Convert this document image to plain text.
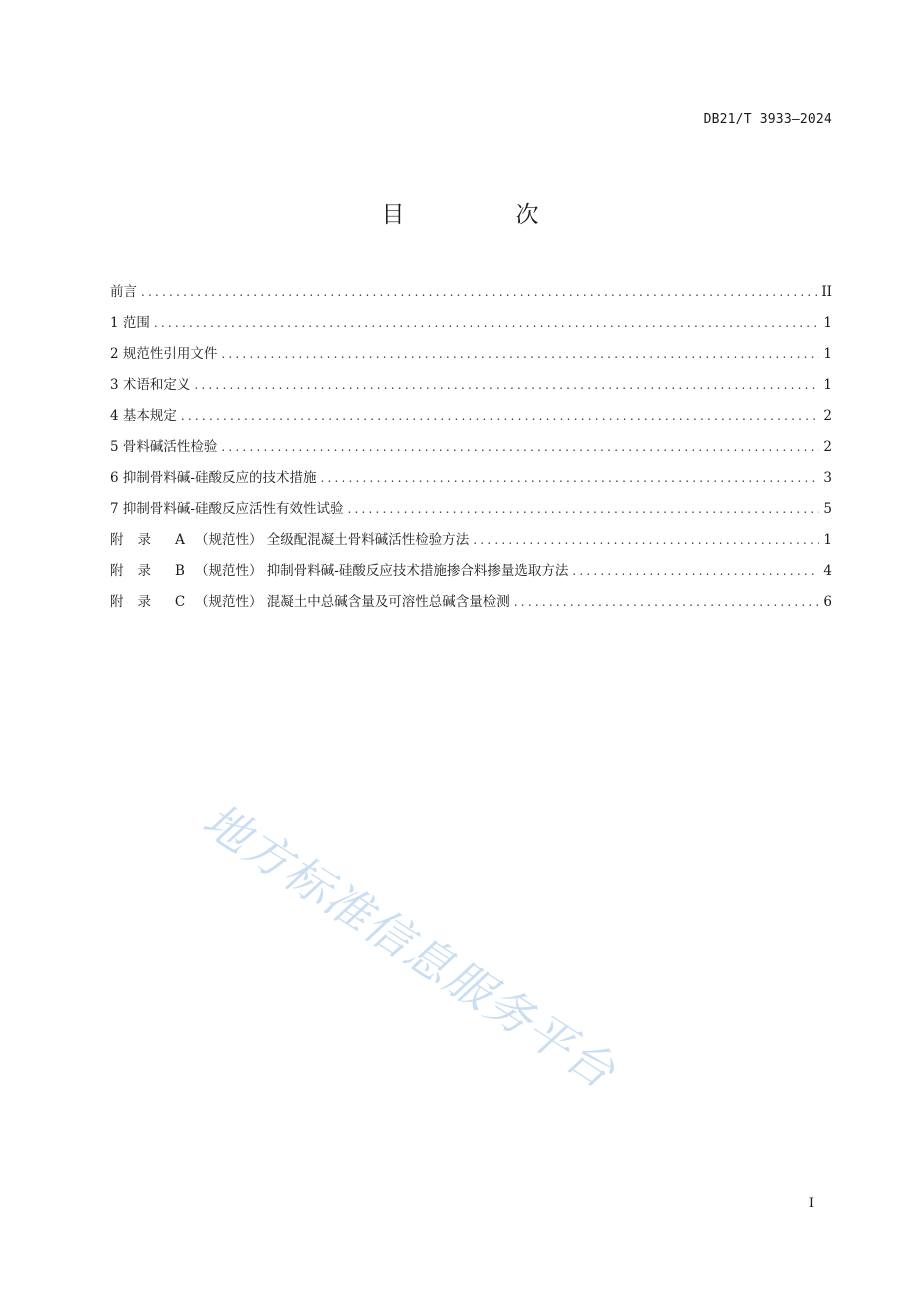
DB21/T 3933—2024
目　次
前言 .....	II
1 范围 .....	1
2 规范性引用文件 .....	1
3 术语和定义 .....	1
4 基本规定 .....	2
5 骨料碱活性检验 .....	2
6 抑制骨料碱-硅酸反应的技术措施 .....	3
7 抑制骨料碱-硅酸反应活性有效性试验 .....	5
附录 A （规范性） 全级配混凝土骨料碱活性检验方法 .....	1
附录 B （规范性） 抑制骨料碱-硅酸反应技术措施掺合料掺量选取方法 .....	4
附录 C （规范性） 混凝土中总碱含量及可溶性总碱含量检测 .....	6
地方标准信息服务平台
I
